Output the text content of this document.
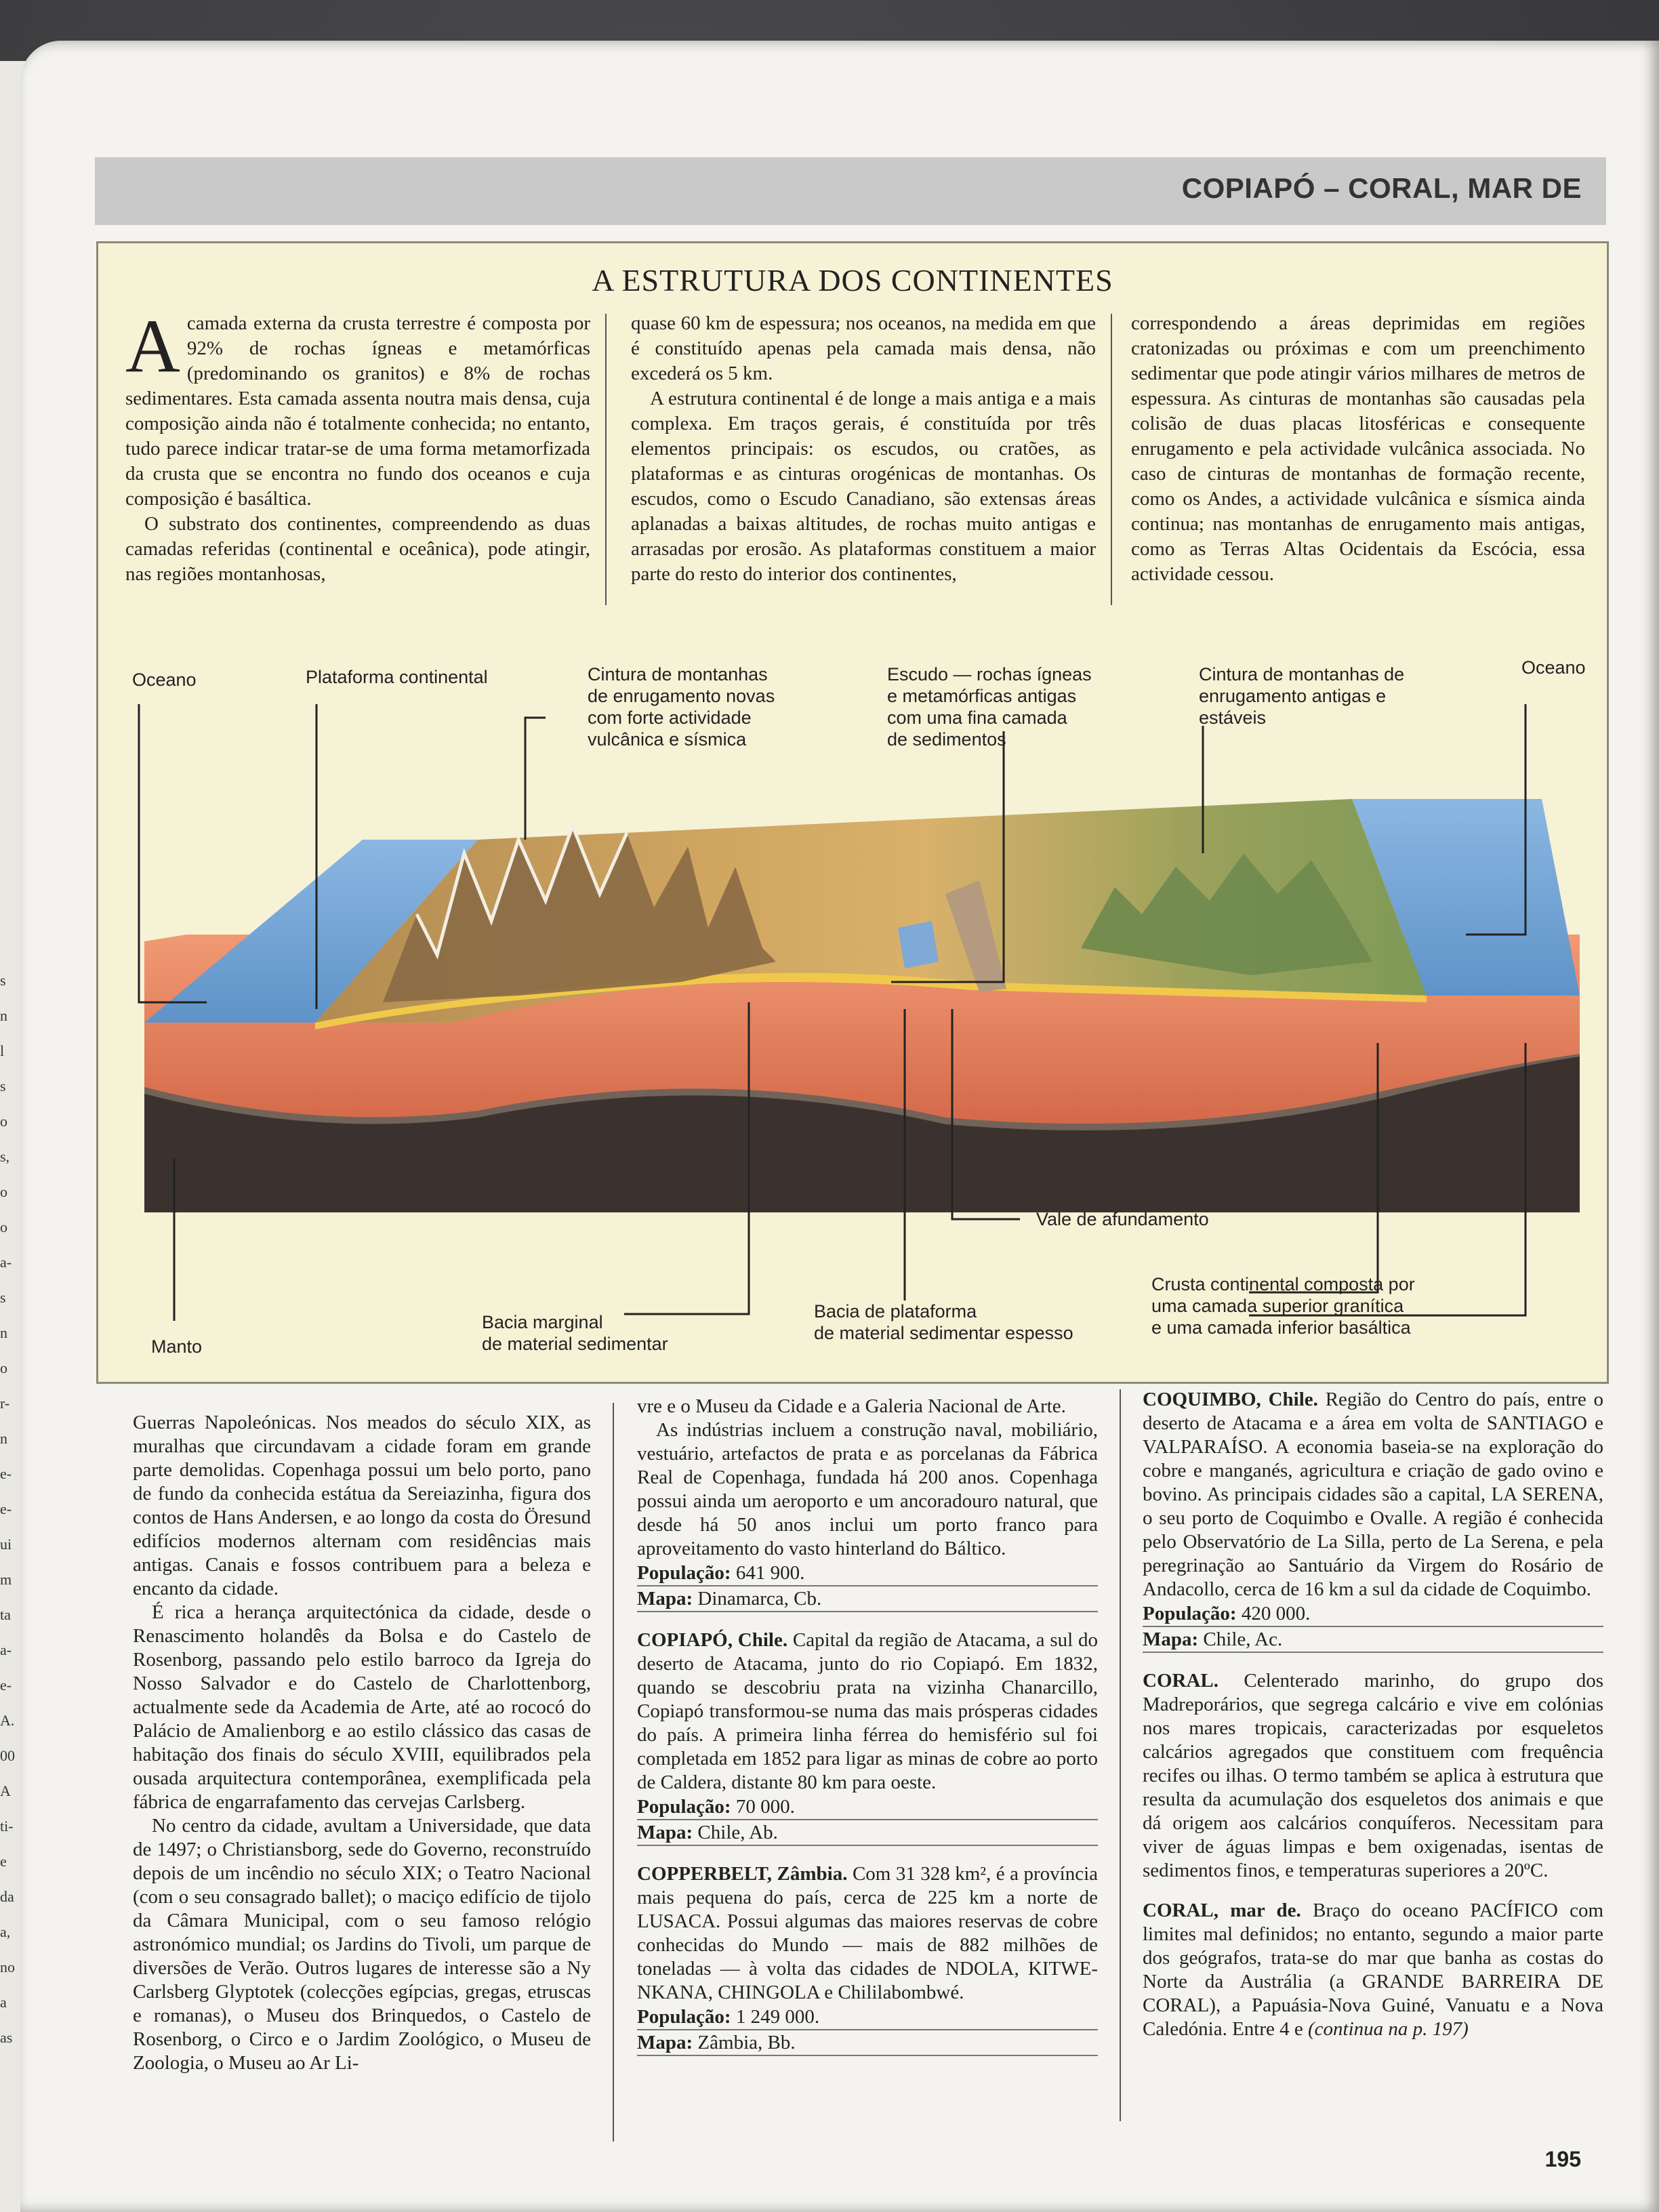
s
n
l
s
o
s,
o
o
a-
s
n
o
r-
n
e-
e-
ui
m
ta
a-
e-
A.
00
A
ti-
e
da
a,
no
a
as
COPIAPÓ – CORAL, MAR DE
A ESTRUTURA DOS CONTINENTES

Acamada externa da crusta terrestre é composta por 92% de rochas ígneas e metamórficas (predominando os granitos) e 8% de rochas sedimentares. Esta camada assenta noutra mais densa, cuja composição ainda não é totalmente conhecida; no entanto, tudo parece indicar tratar-se de uma forma metamorfizada da crusta que se encontra no fundo dos oceanos e cuja composição é basáltica.

O substrato dos continentes, compreendendo as duas camadas referidas (continental e oceânica), pode atingir, nas regiões montanhosas,

quase 60 km de espessura; nos oceanos, na medida em que é constituído apenas pela camada mais densa, não excederá os 5 km.

A estrutura continental é de longe a mais antiga e a mais complexa. Em traços gerais, é constituída por três elementos principais: os escudos, ou cratões, as plataformas e as cinturas orogénicas de montanhas. Os escudos, como o Escudo Canadiano, são extensas áreas aplanadas a baixas altitudes, de rochas muito antigas e arrasadas por erosão. As plataformas constituem a maior parte do resto do interior dos continentes,

correspondendo a áreas deprimidas em regiões cratonizadas ou próximas e com um preenchimento sedimentar que pode atingir vários milhares de metros de espessura. As cinturas de montanhas são causadas pela colisão de duas placas litosféricas e consequente enrugamento e pela actividade vulcânica associada. No caso de cinturas de montanhas de formação recente, como os Andes, a actividade vulcânica e sísmica ainda continua; nas montanhas de enrugamento mais antigas, como as Terras Altas Ocidentais da Escócia, essa actividade cessou.

Oceano	Plataforma continental	Cintura de montanhas
de enrugamento novas
com forte actividade
vulcânica e sísmica
Escudo — rochas ígneas
e metamórficas antigas
com uma fina camada
de sedimentos
Cintura de montanhas de
enrugamento antigas e
estáveis
Oceano
Vale de afundamento
Crusta continental composta por
uma camada superior granítica
e uma camada inferior basáltica
Bacia de plataforma
de material sedimentar espesso
Bacia marginal
de material sedimentar
Manto

Guerras Napoleónicas. Nos meados do século XIX, as muralhas que circundavam a cidade foram em grande parte demolidas. Copenhaga possui um belo porto, pano de fundo da conhecida estátua da Sereiazinha, figura dos contos de Hans Andersen, e ao longo da costa do Öresund edifícios modernos alternam com residências mais antigas. Canais e fossos contribuem para a beleza e encanto da cidade.

É rica a herança arquitectónica da cidade, desde o Renascimento holandês da Bolsa e do Castelo de Rosenborg, passando pelo estilo barroco da Igreja do Nosso Salvador e do Castelo de Charlottenborg, actualmente sede da Academia de Arte, até ao rococó do Palácio de Amalienborg e ao estilo clássico das casas de habitação dos finais do século XVIII, equilibrados pela ousada arquitectura contemporânea, exemplificada pela fábrica de engarrafamento das cervejas Carlsberg.

No centro da cidade, avultam a Universidade, que data de 1497; o Christiansborg, sede do Governo, reconstruído depois de um incêndio no século XIX; o Teatro Nacional (com o seu consagrado ballet); o maciço edifício de tijolo da Câmara Municipal, com o seu famoso relógio astronómico mundial; os Jardins do Tivoli, um parque de diversões de Verão. Outros lugares de interesse são a Ny Carlsberg Glyptotek (colecções egípcias, gregas, etruscas e romanas), o Museu dos Brinquedos, o Castelo de Rosenborg, o Circo e o Jardim Zoológico, o Museu de Zoologia, o Museu ao Ar Li-

vre e o Museu da Cidade e a Galeria Nacional de Arte.

As indústrias incluem a construção naval, mobiliário, vestuário, artefactos de prata e as porcelanas da Fábrica Real de Copenhaga, fundada há 200 anos. Copenhaga possui ainda um aeroporto e um ancoradouro natural, que desde há 50 anos inclui um porto franco para aproveitamento do vasto hinterland do Báltico.

População: 641 900.
Mapa: Dinamarca, Cb.

COPIAPÓ, Chile. Capital da região de Atacama, a sul do deserto de Atacama, junto do rio Copiapó. Em 1832, quando se descobriu prata na vizinha Chanarcillo, Copiapó transformou-se numa das mais prósperas cidades do país. A primeira linha férrea do hemisfério sul foi completada em 1852 para ligar as minas de cobre ao porto de Caldera, distante 80 km para oeste.

População: 70 000.
Mapa: Chile, Ab.

COPPERBELT, Zâmbia. Com 31 328 km², é a província mais pequena do país, cerca de 225 km a norte de LUSACA. Possui algumas das maiores reservas de cobre conhecidas do Mundo — mais de 882 milhões de toneladas — à volta das cidades de NDOLA, KITWE-NKANA, CHINGOLA e Chililabombwé.

População: 1 249 000.
Mapa: Zâmbia, Bb.

COQUIMBO, Chile. Região do Centro do país, entre o deserto de Atacama e a área em volta de SANTIAGO e VALPARAÍSO. A economia baseia-se na exploração do cobre e manganés, agricultura e criação de gado ovino e bovino. As principais cidades são a capital, LA SERENA, o seu porto de Coquimbo e Ovalle. A região é conhecida pelo Observatório de La Silla, perto de La Serena, e pela peregrinação ao Santuário da Virgem do Rosário de Andacollo, cerca de 16 km a sul da cidade de Coquimbo.

População: 420 000.
Mapa: Chile, Ac.

CORAL. Celenterado marinho, do grupo dos Madreporários, que segrega calcário e vive em colónias nos mares tropicais, caracterizadas por esqueletos calcários agregados que constituem com frequência recifes ou ilhas. O termo também se aplica à estrutura que resulta da acumulação dos esqueletos dos animais e que dá origem aos calcários conquíferos. Necessitam para viver de águas limpas e bem oxigenadas, isentas de sedimentos finos, e temperaturas superiores a 20ºC.

CORAL, mar de. Braço do oceano PACÍFICO com limites mal definidos; no entanto, segundo a maior parte dos geógrafos, trata-se do mar que banha as costas do Norte da Austrália (a GRANDE BARREIRA DE CORAL), a Papuásia-Nova Guiné, Vanuatu e a Nova Caledónia. Entre 4 e (continua na p. 197)

195
